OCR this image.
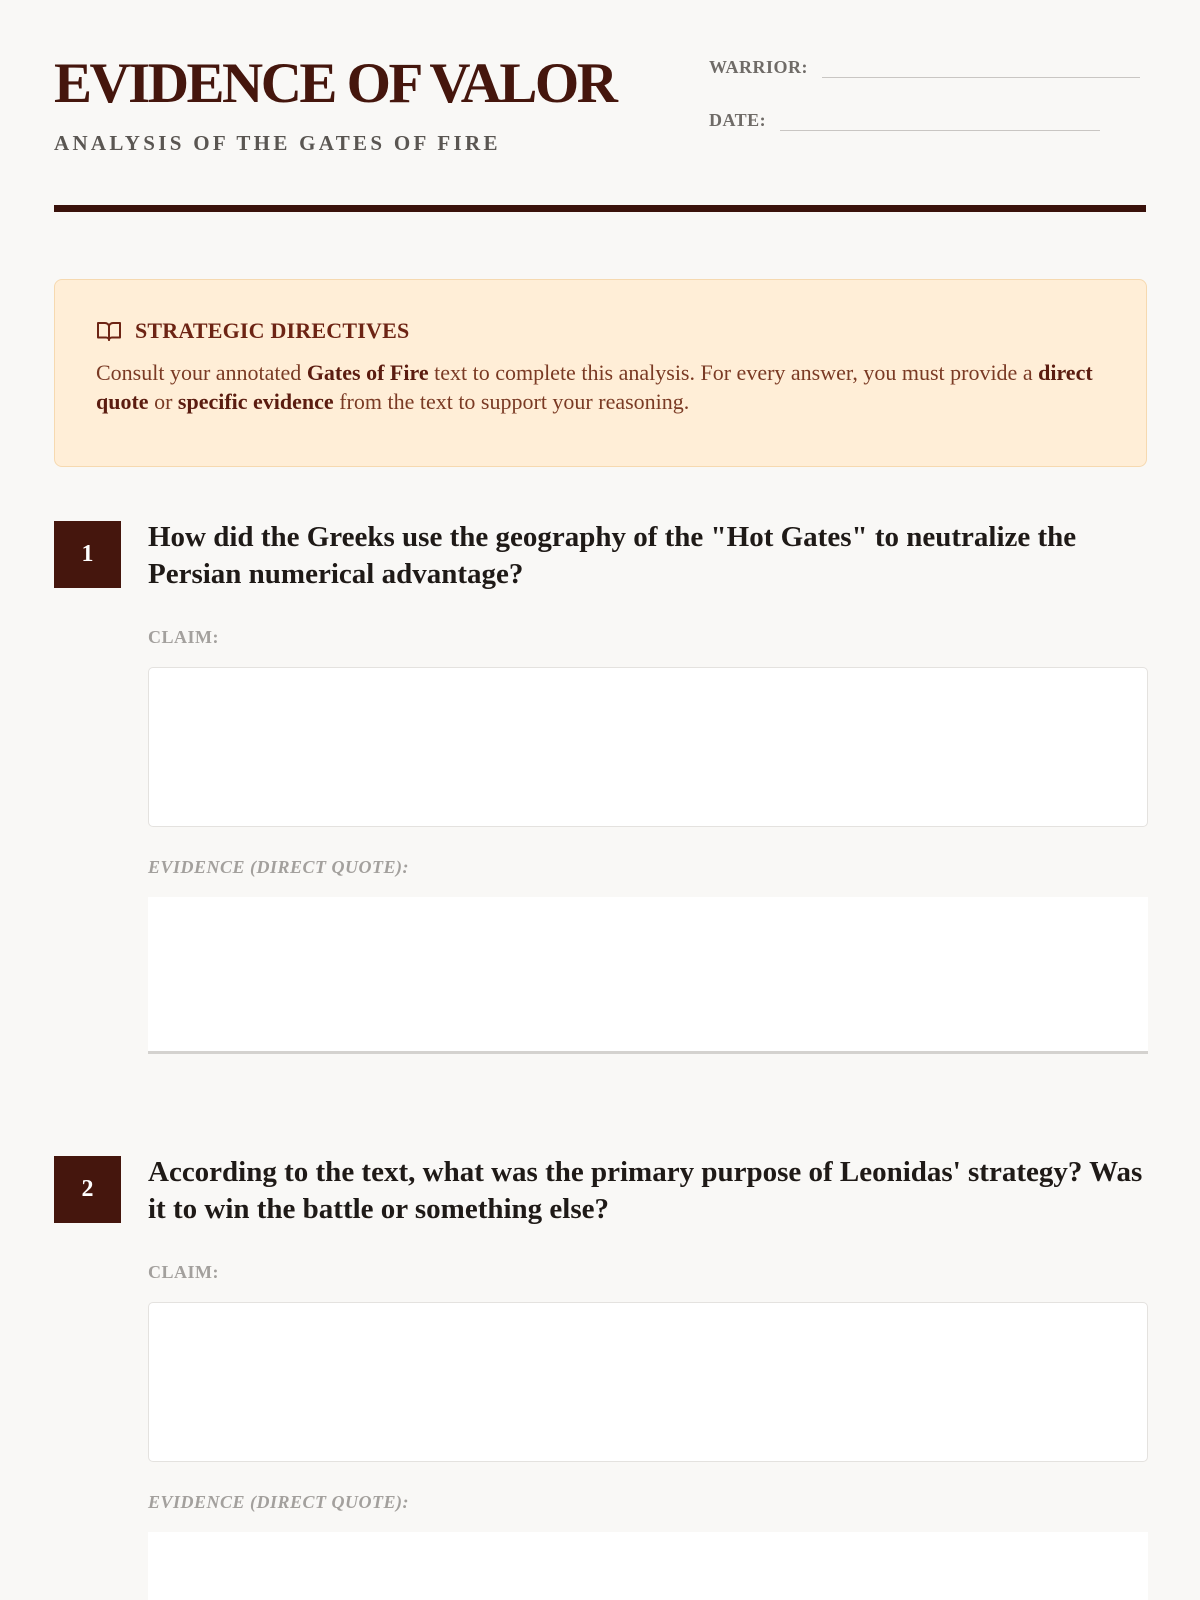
EVIDENCE OF VALOR
ANALYSIS OF THE GATES OF FIRE
WARRIOR:
DATE:
STRATEGIC DIRECTIVES

Consult your annotated Gates of Fire text to complete this analysis. For every answer, you must provide a direct quote or specific evidence from the text to support your reasoning.

1
How did the Greeks use the geography of the "Hot Gates" to neutralize the Persian numerical advantage?
CLAIM:
EVIDENCE (DIRECT QUOTE):
2
According to the text, what was the primary purpose of Leonidas' strategy? Was it to win the battle or something else?
CLAIM:
EVIDENCE (DIRECT QUOTE):
